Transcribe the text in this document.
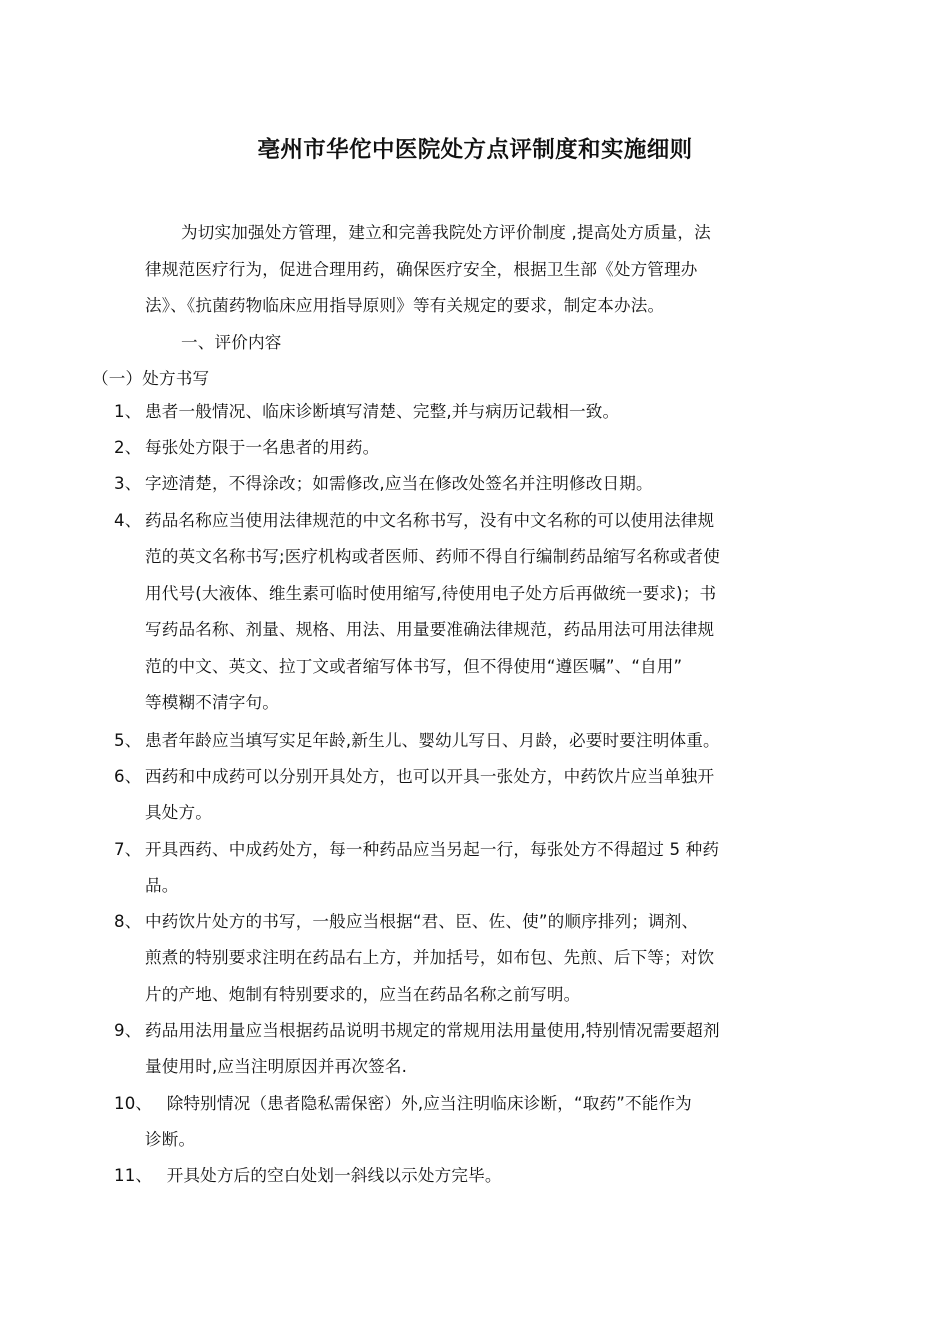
亳州市华佗中医院处方点评制度和实施细则
为切实加强处方管理，建立和完善我院处方评价制度 ,提高处方质量，法
律规范医疗行为，促进合理用药，确保医疗安全，根据卫生部《处方管理办
法》、《抗菌药物临床应用指导原则》等有关规定的要求，制定本办法。
一、评价内容
（一）处方书写
1、 患者一般情况、临床诊断填写清楚、完整,并与病历记载相一致。
2、 每张处方限于一名患者的用药。
3、 字迹清楚，不得涂改；如需修改,应当在修改处签名并注明修改日期。
4、 药品名称应当使用法律规范的中文名称书写，没有中文名称的可以使用法律规
范的英文名称书写;医疗机构或者医师、药师不得自行编制药品缩写名称或者使
用代号(大液体、维生素可临时使用缩写,待使用电子处方后再做统一要求)；书
写药品名称、剂量、规格、用法、用量要准确法律规范，药品用法可用法律规
范的中文、英文、拉丁文或者缩写体书写，但不得使用“遵医嘱”、“自用”
等模糊不清字句。
5、 患者年龄应当填写实足年龄,新生儿、婴幼儿写日、月龄，必要时要注明体重。
6、 西药和中成药可以分别开具处方，也可以开具一张处方，中药饮片应当单独开
具处方。
7、 开具西药、中成药处方，每一种药品应当另起一行，每张处方不得超过 5 种药
品。
8、 中药饮片处方的书写，一般应当根据“君、臣、佐、使”的顺序排列；调剂、
煎煮的特别要求注明在药品右上方，并加括号，如布包、先煎、后下等；对饮
片的产地、炮制有特别要求的，应当在药品名称之前写明。
9、 药品用法用量应当根据药品说明书规定的常规用法用量使用,特别情况需要超剂
量使用时,应当注明原因并再次签名.
10、
除特别情况（患者隐私需保密）外,应当注明临床诊断，“取药”不能作为
诊断。
11、
开具处方后的空白处划一斜线以示处方完毕。
